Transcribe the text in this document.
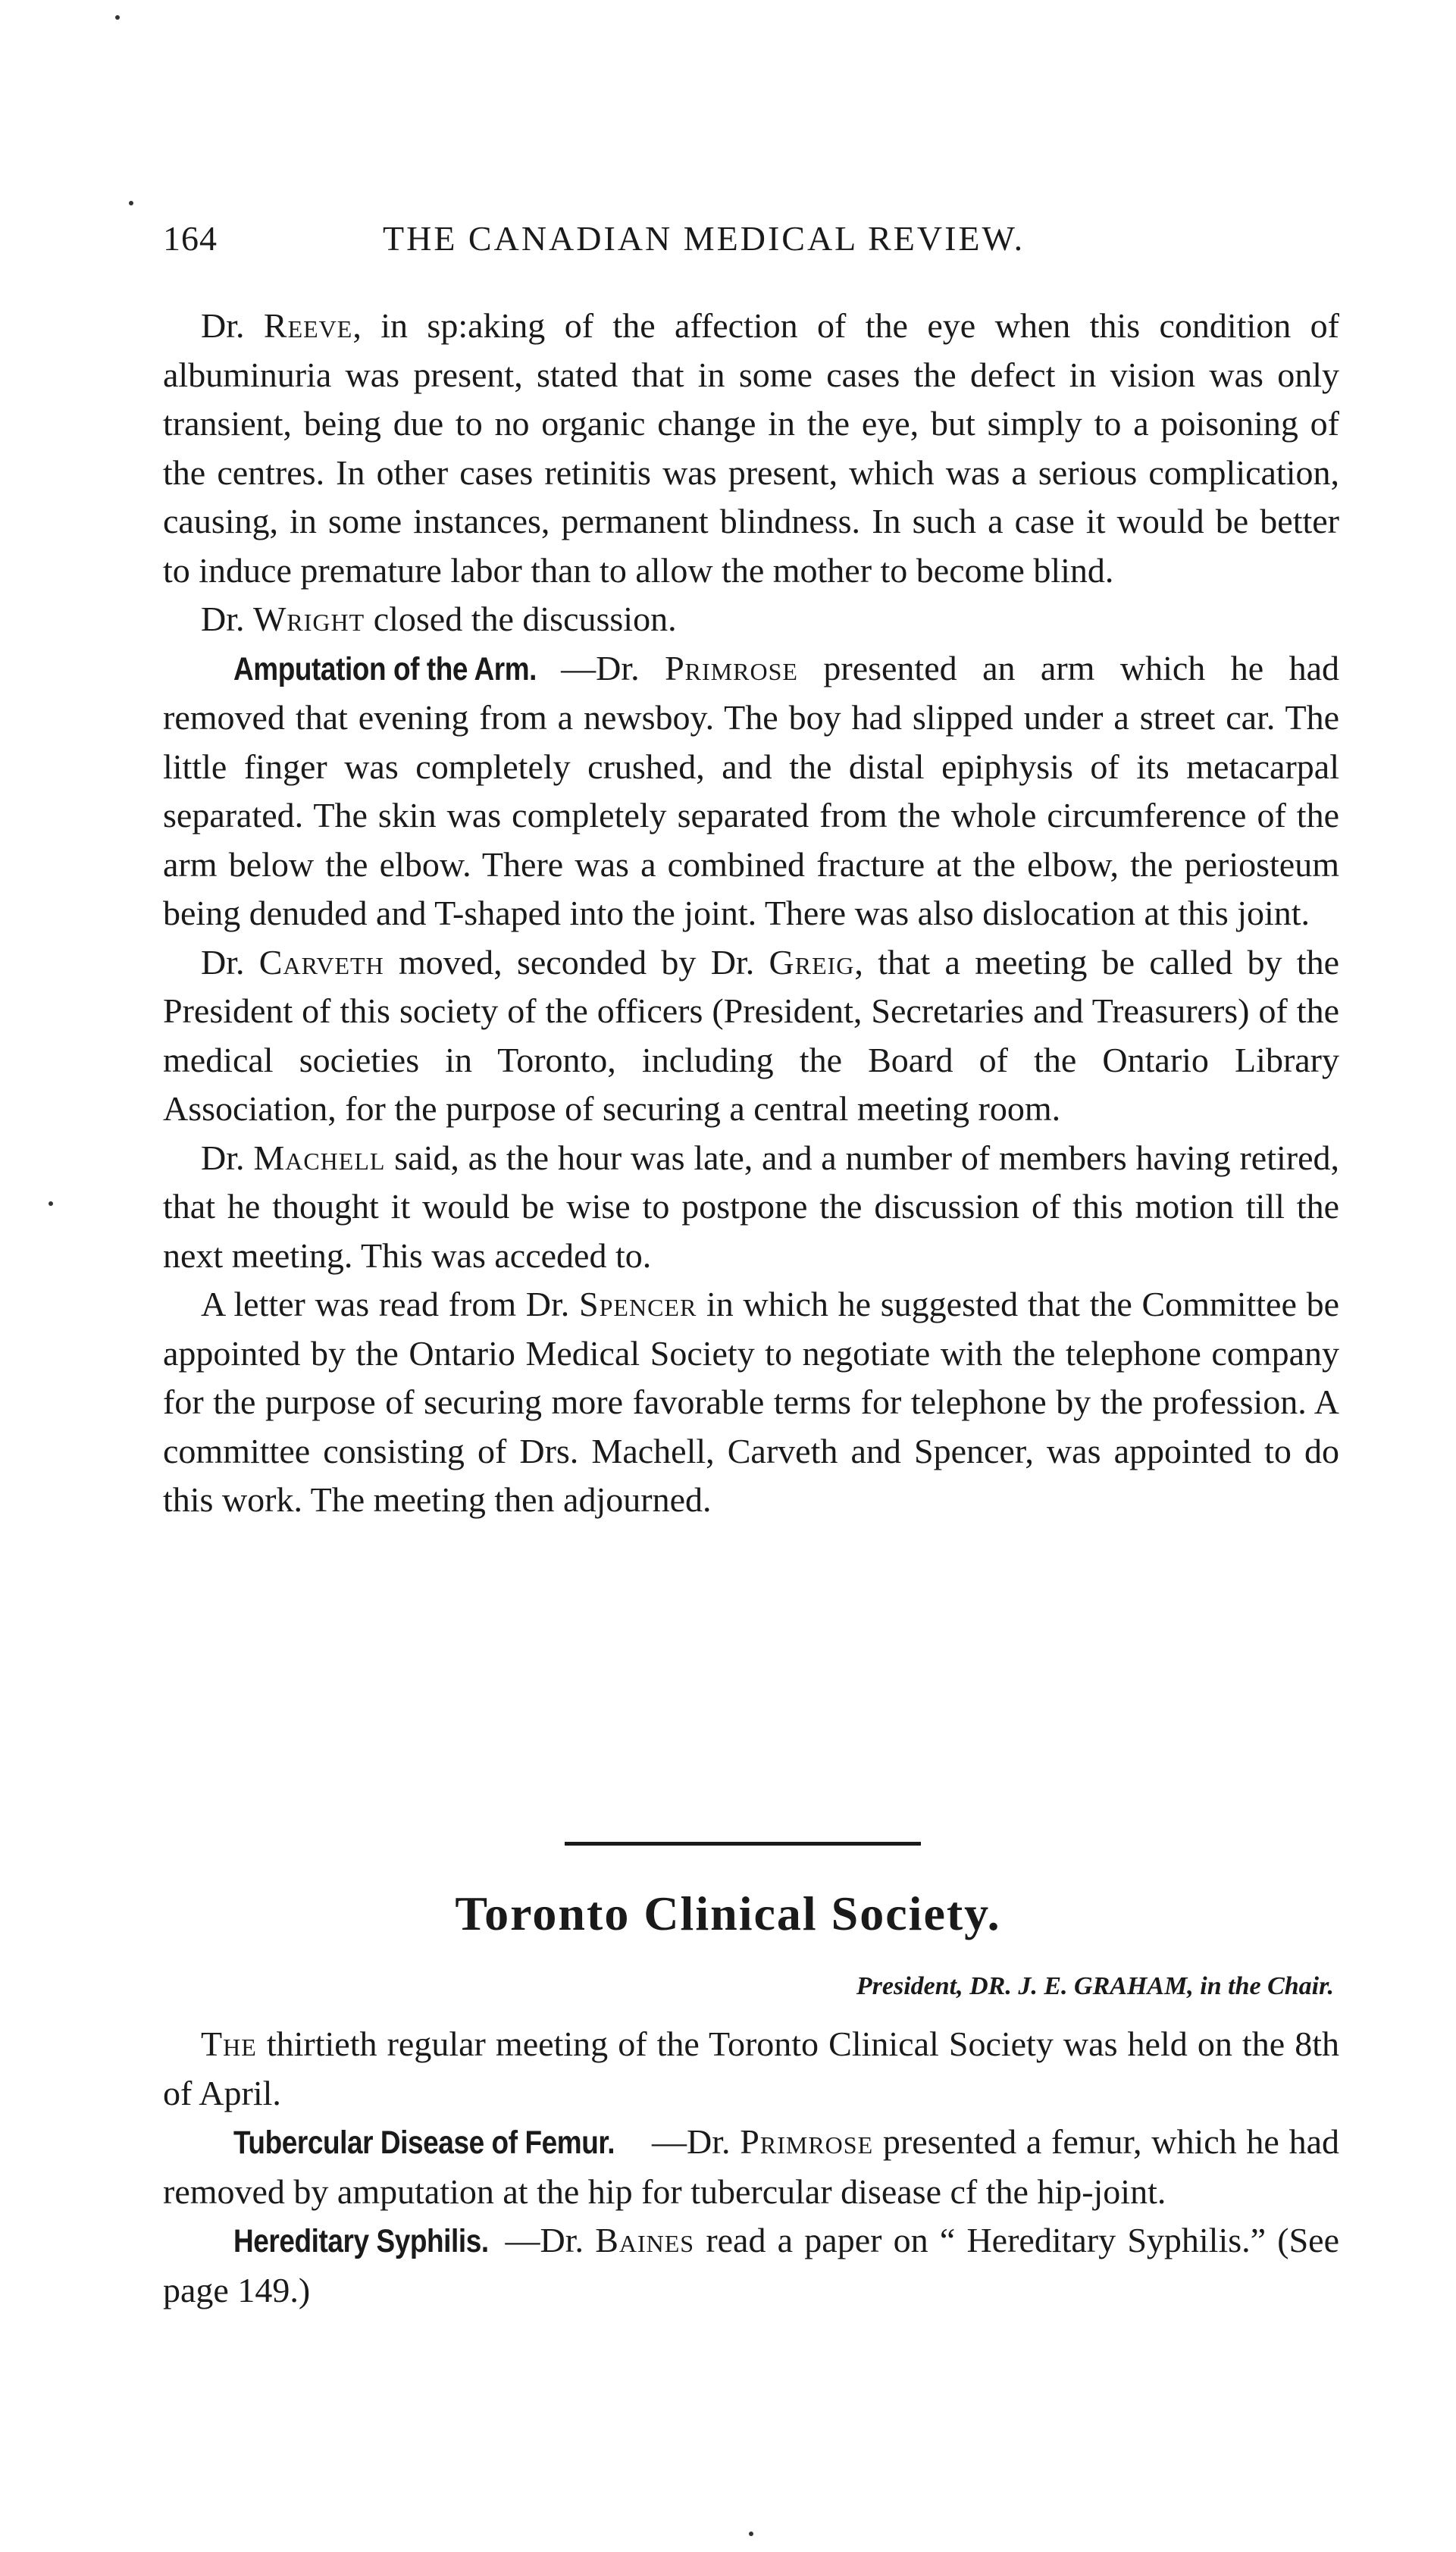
164	THE CANADIAN MEDICAL REVIEW.

Dr. Reeve, in sp:aking of the affection of the eye when this condition of albuminuria was present, stated that in some cases the defect in vision was only transient, being due to no organic change in the eye, but simply to a poisoning of the centres. In other cases retinitis was present, which was a serious complication, causing, in some instances, permanent blindness. In such a case it would be better to induce premature labor than to allow the mother to become blind.

Dr. Wright closed the discussion.

Amputation of the Arm. —Dr. Primrose presented an arm which he had removed that evening from a newsboy. The boy had slipped under a street car. The little finger was completely crushed, and the distal epiphysis of its metacarpal separated. The skin was completely separated from the whole circumference of the arm below the elbow. There was a combined fracture at the elbow, the periosteum being denuded and T-shaped into the joint. There was also dislocation at this joint.

Dr. Carveth moved, seconded by Dr. Greig, that a meeting be called by the President of this society of the officers (President, Secretaries and Treasurers) of the medical societies in Toronto, including the Board of the Ontario Library Association, for the purpose of securing a central meeting room.

Dr. Machell said, as the hour was late, and a number of members having retired, that he thought it would be wise to postpone the discussion of this motion till the next meeting. This was acceded to.

A letter was read from Dr. Spencer in which he suggested that the Committee be appointed by the Ontario Medical Society to negotiate with the telephone company for the purpose of securing more favorable terms for telephone by the profession. A committee consisting of Drs. Machell, Carveth and Spencer, was appointed to do this work. The meeting then adjourned.

Toronto Clinical Society.
President, DR. J. E. GRAHAM, in the Chair.

The thirtieth regular meeting of the Toronto Clinical Society was held on the 8th of April.

Tubercular Disease of Femur. —Dr. Primrose presented a femur, which he had removed by amputation at the hip for tubercular disease cf the hip-joint.

Hereditary Syphilis. —Dr. Baines read a paper on “ Hereditary Syphilis.” (See page 149.)
